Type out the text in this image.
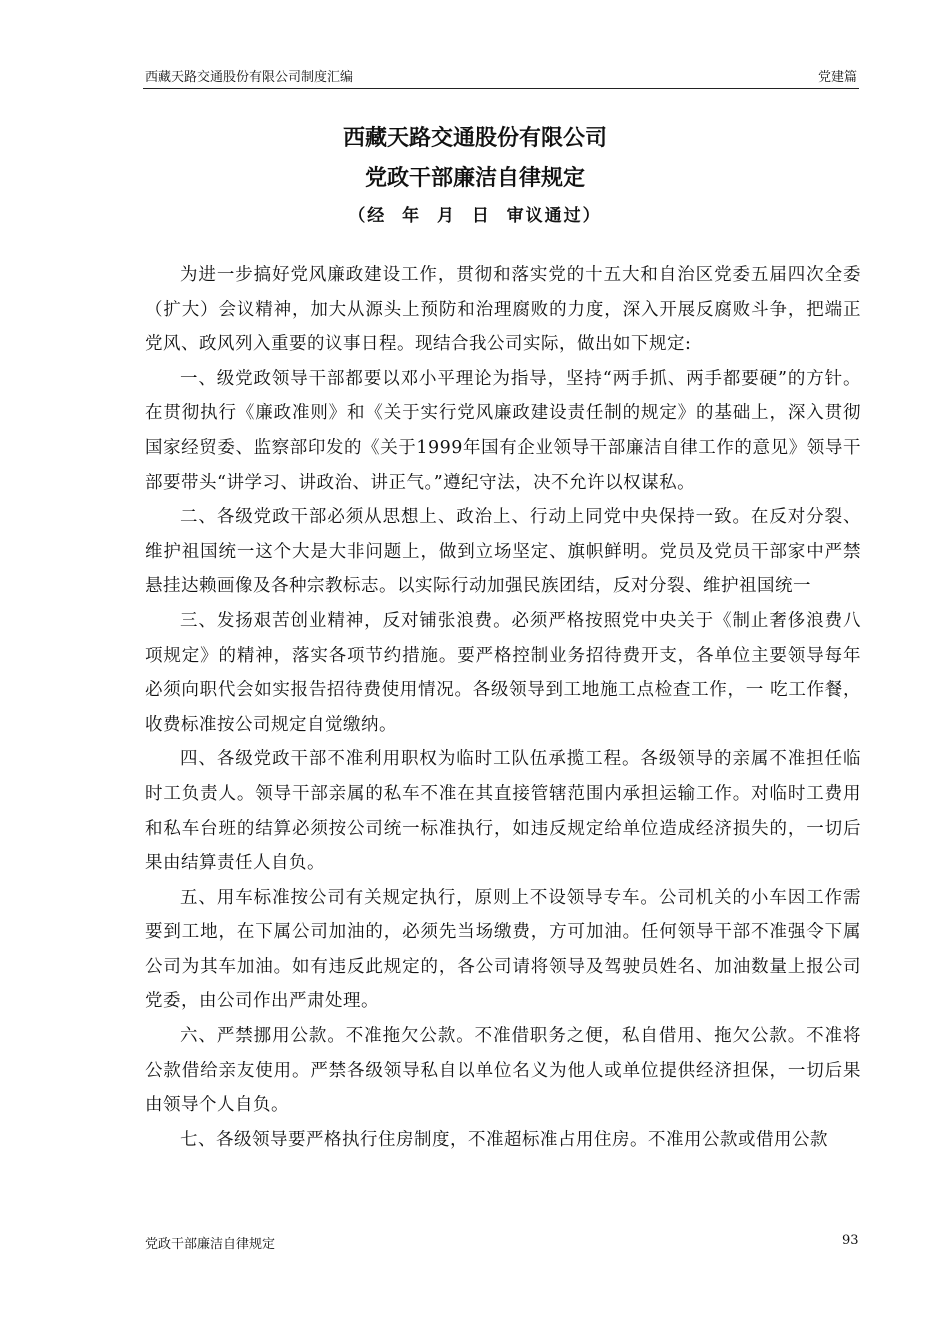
西藏天路交通股份有限公司制度汇编	党建篇
西藏天路交通股份有限公司
党政干部廉洁自律规定
（经  年  月  日  审议通过）

为进一步搞好党风廉政建设工作，贯彻和落实党的十五大和自治区党委五届四次全委（扩大）会议精神，加大从源头上预防和治理腐败的力度，深入开展反腐败斗争，把端正党风、政风列入重要的议事日程。现结合我公司实际，做出如下规定:

一、级党政领导干部都要以邓小平理论为指导，坚持“两手抓、两手都要硬”的方针。在贯彻执行《廉政准则》和《关于实行党风廉政建设责任制的规定》的基础上，深入贯彻国家经贸委、监察部印发的《关于1999年国有企业领导干部廉洁自律工作的意见》领导干部要带头“讲学习、讲政治、讲正气。”遵纪守法，决不允许以权谋私。

二、各级党政干部必须从思想上、政治上、行动上同党中央保持一致。在反对分裂、维护祖国统一这个大是大非问题上，做到立场坚定、旗帜鲜明。党员及党员干部家中严禁悬挂达赖画像及各种宗教标志。以实际行动加强民族团结，反对分裂、维护祖国统一

三、发扬艰苦创业精神，反对铺张浪费。必须严格按照党中央关于《制止奢侈浪费八项规定》的精神，落实各项节约措施。要严格控制业务招待费开支，各单位主要领导每年必须向职代会如实报告招待费使用情况。各级领导到工地施工点检查工作，一 吃工作餐，收费标准按公司规定自觉缴纳。

四、各级党政干部不准利用职权为临时工队伍承揽工程。各级领导的亲属不准担任临时工负责人。领导干部亲属的私车不准在其直接管辖范围内承担运输工作。对临时工费用和私车台班的结算必须按公司统一标准执行，如违反规定给单位造成经济损失的，一切后果由结算责任人自负。

五、用车标准按公司有关规定执行，原则上不设领导专车。公司机关的小车因工作需要到工地，在下属公司加油的，必须先当场缴费，方可加油。任何领导干部不准强令下属公司为其车加油。如有违反此规定的，各公司请将领导及驾驶员姓名、加油数量上报公司党委，由公司作出严肃处理。

六、严禁挪用公款。不准拖欠公款。不准借职务之便，私自借用、拖欠公款。不准将公款借给亲友使用。严禁各级领导私自以单位名义为他人或单位提供经济担保，一切后果由领导个人自负。

七、各级领导要严格执行住房制度，不准超标准占用住房。不准用公款或借用公款

党政干部廉洁自律规定	93
